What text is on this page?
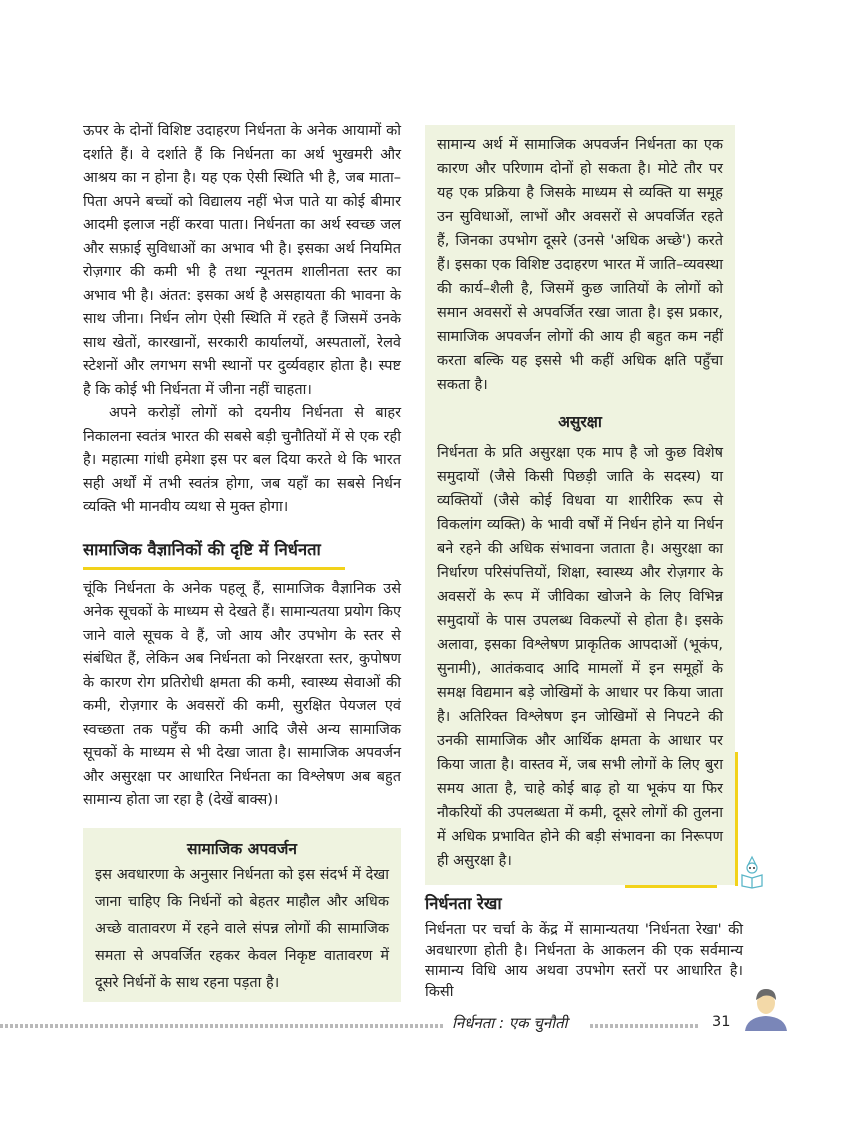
ऊपर के दोनों विशिष्ट उदाहरण निर्धनता के अनेक आयामों को दर्शाते हैं। वे दर्शाते हैं कि निर्धनता का अर्थ भुखमरी और आश्रय का न होना है। यह एक ऐसी स्थिति भी है, जब माता–पिता अपने बच्चों को विद्यालय नहीं भेज पाते या कोई बीमार आदमी इलाज नहीं करवा पाता। निर्धनता का अर्थ स्वच्छ जल और सफ़ाई सुविधाओं का अभाव भी है। इसका अर्थ नियमित रोज़गार की कमी भी है तथा न्यूनतम शालीनता स्तर का अभाव भी है। अंतत: इसका अर्थ है असहायता की भावना के साथ जीना। निर्धन लोग ऐसी स्थिति में रहते हैं जिसमें उनके साथ खेतों, कारखानों, सरकारी कार्यालयों, अस्पतालों, रेलवे स्टेशनों और लगभग सभी स्थानों पर दुर्व्यवहार होता है। स्पष्ट है कि कोई भी निर्धनता में जीना नहीं चाहता।

अपने करोड़ों लोगों को दयनीय निर्धनता से बाहर निकालना स्वतंत्र भारत की सबसे बड़ी चुनौतियों में से एक रही है। महात्मा गांधी हमेशा इस पर बल दिया करते थे कि भारत सही अर्थों में तभी स्वतंत्र होगा, जब यहाँ का सबसे निर्धन व्यक्ति भी मानवीय व्यथा से मुक्त होगा।

सामाजिक वैज्ञानिकों की दृष्टि में निर्धनता

चूंकि निर्धनता के अनेक पहलू हैं, सामाजिक वैज्ञानिक उसे अनेक सूचकों के माध्यम से देखते हैं। सामान्यतया प्रयोग किए जाने वाले सूचक वे हैं, जो आय और उपभोग के स्तर से संबंधित हैं, लेकिन अब निर्धनता को निरक्षरता स्तर, कुपोषण के कारण रोग प्रतिरोधी क्षमता की कमी, स्वास्थ्य सेवाओं की कमी, रोज़गार के अवसरों की कमी, सुरक्षित पेयजल एवं स्वच्छता तक पहुँच की कमी आदि जैसे अन्य सामाजिक सूचकों के माध्यम से भी देखा जाता है। सामाजिक अपवर्जन और असुरक्षा पर आधारित निर्धनता का विश्लेषण अब बहुत सामान्य होता जा रहा है (देखें बाक्स)।

सामाजिक अपवर्जन

इस अवधारणा के अनुसार निर्धनता को इस संदर्भ में देखा जाना चाहिए कि निर्धनों को बेहतर माहौल और अधिक अच्छे वातावरण में रहने वाले संपन्न लोगों की सामाजिक समता से अपवर्जित रहकर केवल निकृष्ट वातावरण में दूसरे निर्धनों के साथ रहना पड़ता है।

सामान्य अर्थ में सामाजिक अपवर्जन निर्धनता का एक कारण और परिणाम दोनों हो सकता है। मोटे तौर पर यह एक प्रक्रिया है जिसके माध्यम से व्यक्ति या समूह उन सुविधाओं, लाभों और अवसरों से अपवर्जित रहते हैं, जिनका उपभोग दूसरे (उनसे 'अधिक अच्छे') करते हैं। इसका एक विशिष्ट उदाहरण भारत में जाति–व्यवस्था की कार्य–शैली है, जिसमें कुछ जातियों के लोगों को समान अवसरों से अपवर्जित रखा जाता है। इस प्रकार, सामाजिक अपवर्जन लोगों की आय ही बहुत कम नहीं करता बल्कि यह इससे भी कहीं अधिक क्षति पहुँचा सकता है।

असुरक्षा

निर्धनता के प्रति असुरक्षा एक माप है जो कुछ विशेष समुदायों (जैसे किसी पिछड़ी जाति के सदस्य) या व्यक्तियों (जैसे कोई विधवा या शारीरिक रूप से विकलांग व्यक्ति) के भावी वर्षों में निर्धन होने या निर्धन बने रहने की अधिक संभावना जताता है। असुरक्षा का निर्धारण परिसंपत्तियों, शिक्षा, स्वास्थ्य और रोज़गार के अवसरों के रूप में जीविका खोजने के लिए विभिन्न समुदायों के पास उपलब्ध विकल्पों से होता है। इसके अलावा, इसका विश्लेषण प्राकृतिक आपदाओं (भूकंप, सुनामी), आतंकवाद आदि मामलों में इन समूहों के समक्ष विद्यमान बड़े जोखिमों के आधार पर किया जाता है। अतिरिक्त विश्लेषण इन जोखिमों से निपटने की उनकी सामाजिक और आर्थिक क्षमता के आधार पर किया जाता है। वास्तव में, जब सभी लोगों के लिए बुरा समय आता है, चाहे कोई बाढ़ हो या भूकंप या फिर नौकरियों की उपलब्धता में कमी, दूसरे लोगों की तुलना में अधिक प्रभावित होने की बड़ी संभावना का निरूपण ही असुरक्षा है।

निर्धनता रेखा

निर्धनता पर चर्चा के केंद्र में सामान्यतया 'निर्धनता रेखा' की अवधारणा होती है। निर्धनता के आकलन की एक सर्वमान्य सामान्य विधि आय अथवा उपभोग स्तरों पर आधारित है। किसी

निर्धनता : एक चुनौती	31
